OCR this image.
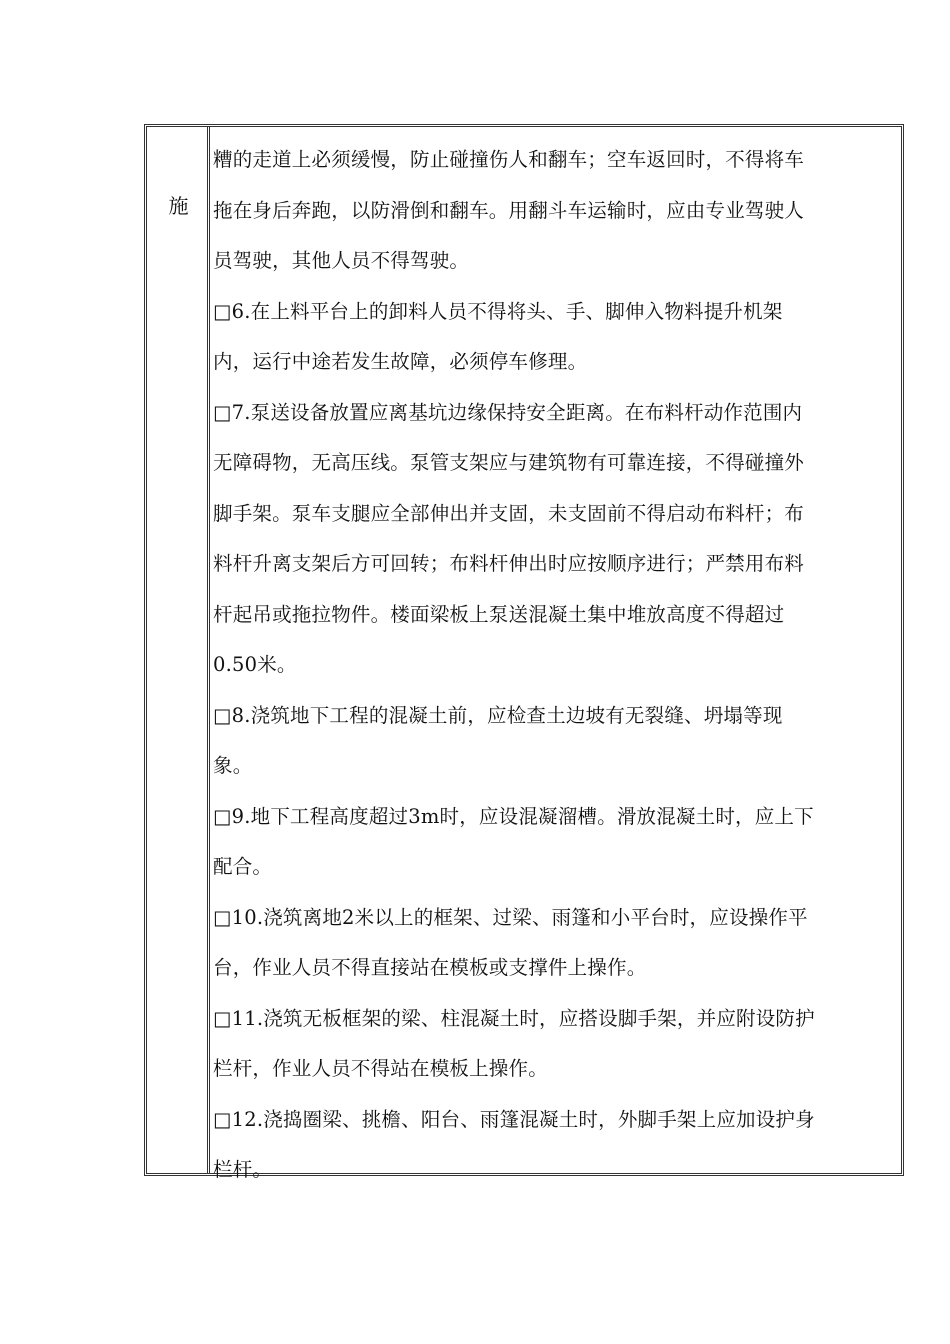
施
糟的走道上必须缓慢，防止碰撞伤人和翻车；空车返回时，不得将车
拖在身后奔跑，以防滑倒和翻车。用翻斗车运输时，应由专业驾驶人
员驾驶，其他人员不得驾驶。
□6.在上料平台上的卸料人员不得将头、手、脚伸入物料提升机架
内，运行中途若发生故障，必须停车修理。
□7.泵送设备放置应离基坑边缘保持安全距离。在布料杆动作范围内
无障碍物，无高压线。泵管支架应与建筑物有可靠连接，不得碰撞外
脚手架。泵车支腿应全部伸出并支固，未支固前不得启动布料杆；布
料杆升离支架后方可回转；布料杆伸出时应按顺序进行；严禁用布料
杆起吊或拖拉物件。楼面梁板上泵送混凝土集中堆放高度不得超过
0.50米。
□8.浇筑地下工程的混凝土前，应检查土边坡有无裂缝、坍塌等现
象。
□9.地下工程高度超过3m时，应设混凝溜槽。滑放混凝土时，应上下
配合。
□10.浇筑离地2米以上的框架、过梁、雨篷和小平台时，应设操作平
台，作业人员不得直接站在模板或支撑件上操作。
□11.浇筑无板框架的梁、柱混凝土时，应搭设脚手架，并应附设防护
栏杆，作业人员不得站在模板上操作。
□12.浇捣圈梁、挑檐、阳台、雨篷混凝土时，外脚手架上应加设护身
栏杆。
